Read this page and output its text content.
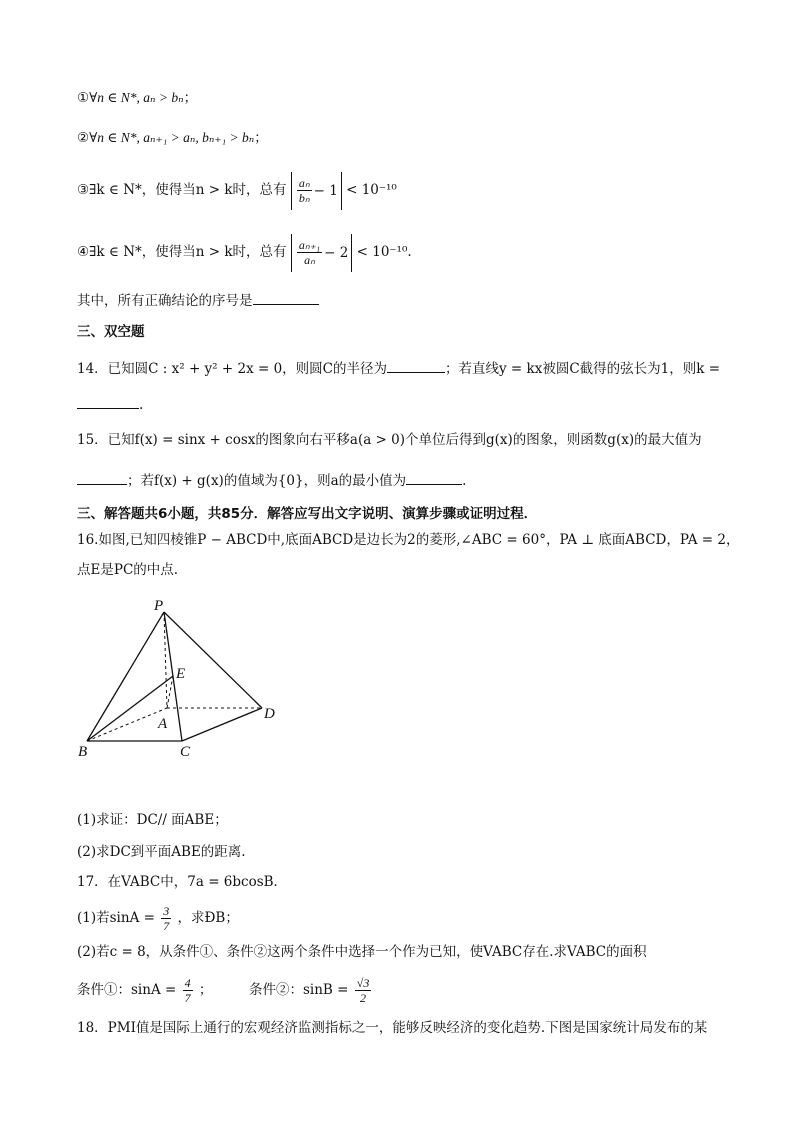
①∀n ∈ N*, aₙ > bₙ；
②∀n ∈ N*, aₙ₊₁ > aₙ, bₙ₊₁ > bₙ；
③∃k ∈ N*，使得当n > k时，总有 $\frac{\text{aₙ}}{\text{bₙ}} - 1 < 10^{-10}$
④∃k ∈ N*，使得当n > k时，总有 $\frac{\text{aₙ₊₁}}{\text{aₙ}} - 2 < 10^{-10}$.
其中，所有正确结论的序号是
三、双空题
14．已知圆C : x² + y² + 2x = 0，则圆C的半径为	；若直线y = kx被圆C截得的弦长为1，则k =
.
15．已知f(x) = sinx + cosx的图象向右平移a(a > 0)个单位后得到g(x)的图象，则函数g(x)的最大值为
；若f(x) + g(x)的值域为{0}，则a的最小值为	.
三、解答题共6小题，共85分．解答应写出文字说明、演算步骤或证明过程．
16.如图,已知四棱锥P − ABCD中,底面ABCD是边长为2的菱形,∠ABC = 60°，PA ⊥ 底面ABCD，PA = 2，
点E是PC的中点.
P
E
A
B	C
D
(1)求证：DC// 面ABE；
(2)求DC到平面ABE的距离.
17．在VABC中，7a = 6bcosB．
(1)若$\sin A = \frac{3}{7}$ ，求ÐB；
(2)若c = 8，从条件①、条件②这两个条件中选择一个作为已知，使VABC存在.求VABC的面积
条件①：$\sin A = \frac{4}{7}$ ；	条件②：$\sin B = \frac{√3}{2}$
18．PMI值是国际上通行的宏观经济监测指标之一，能够反映经济的变化趋势.下图是国家统计局发布的某
